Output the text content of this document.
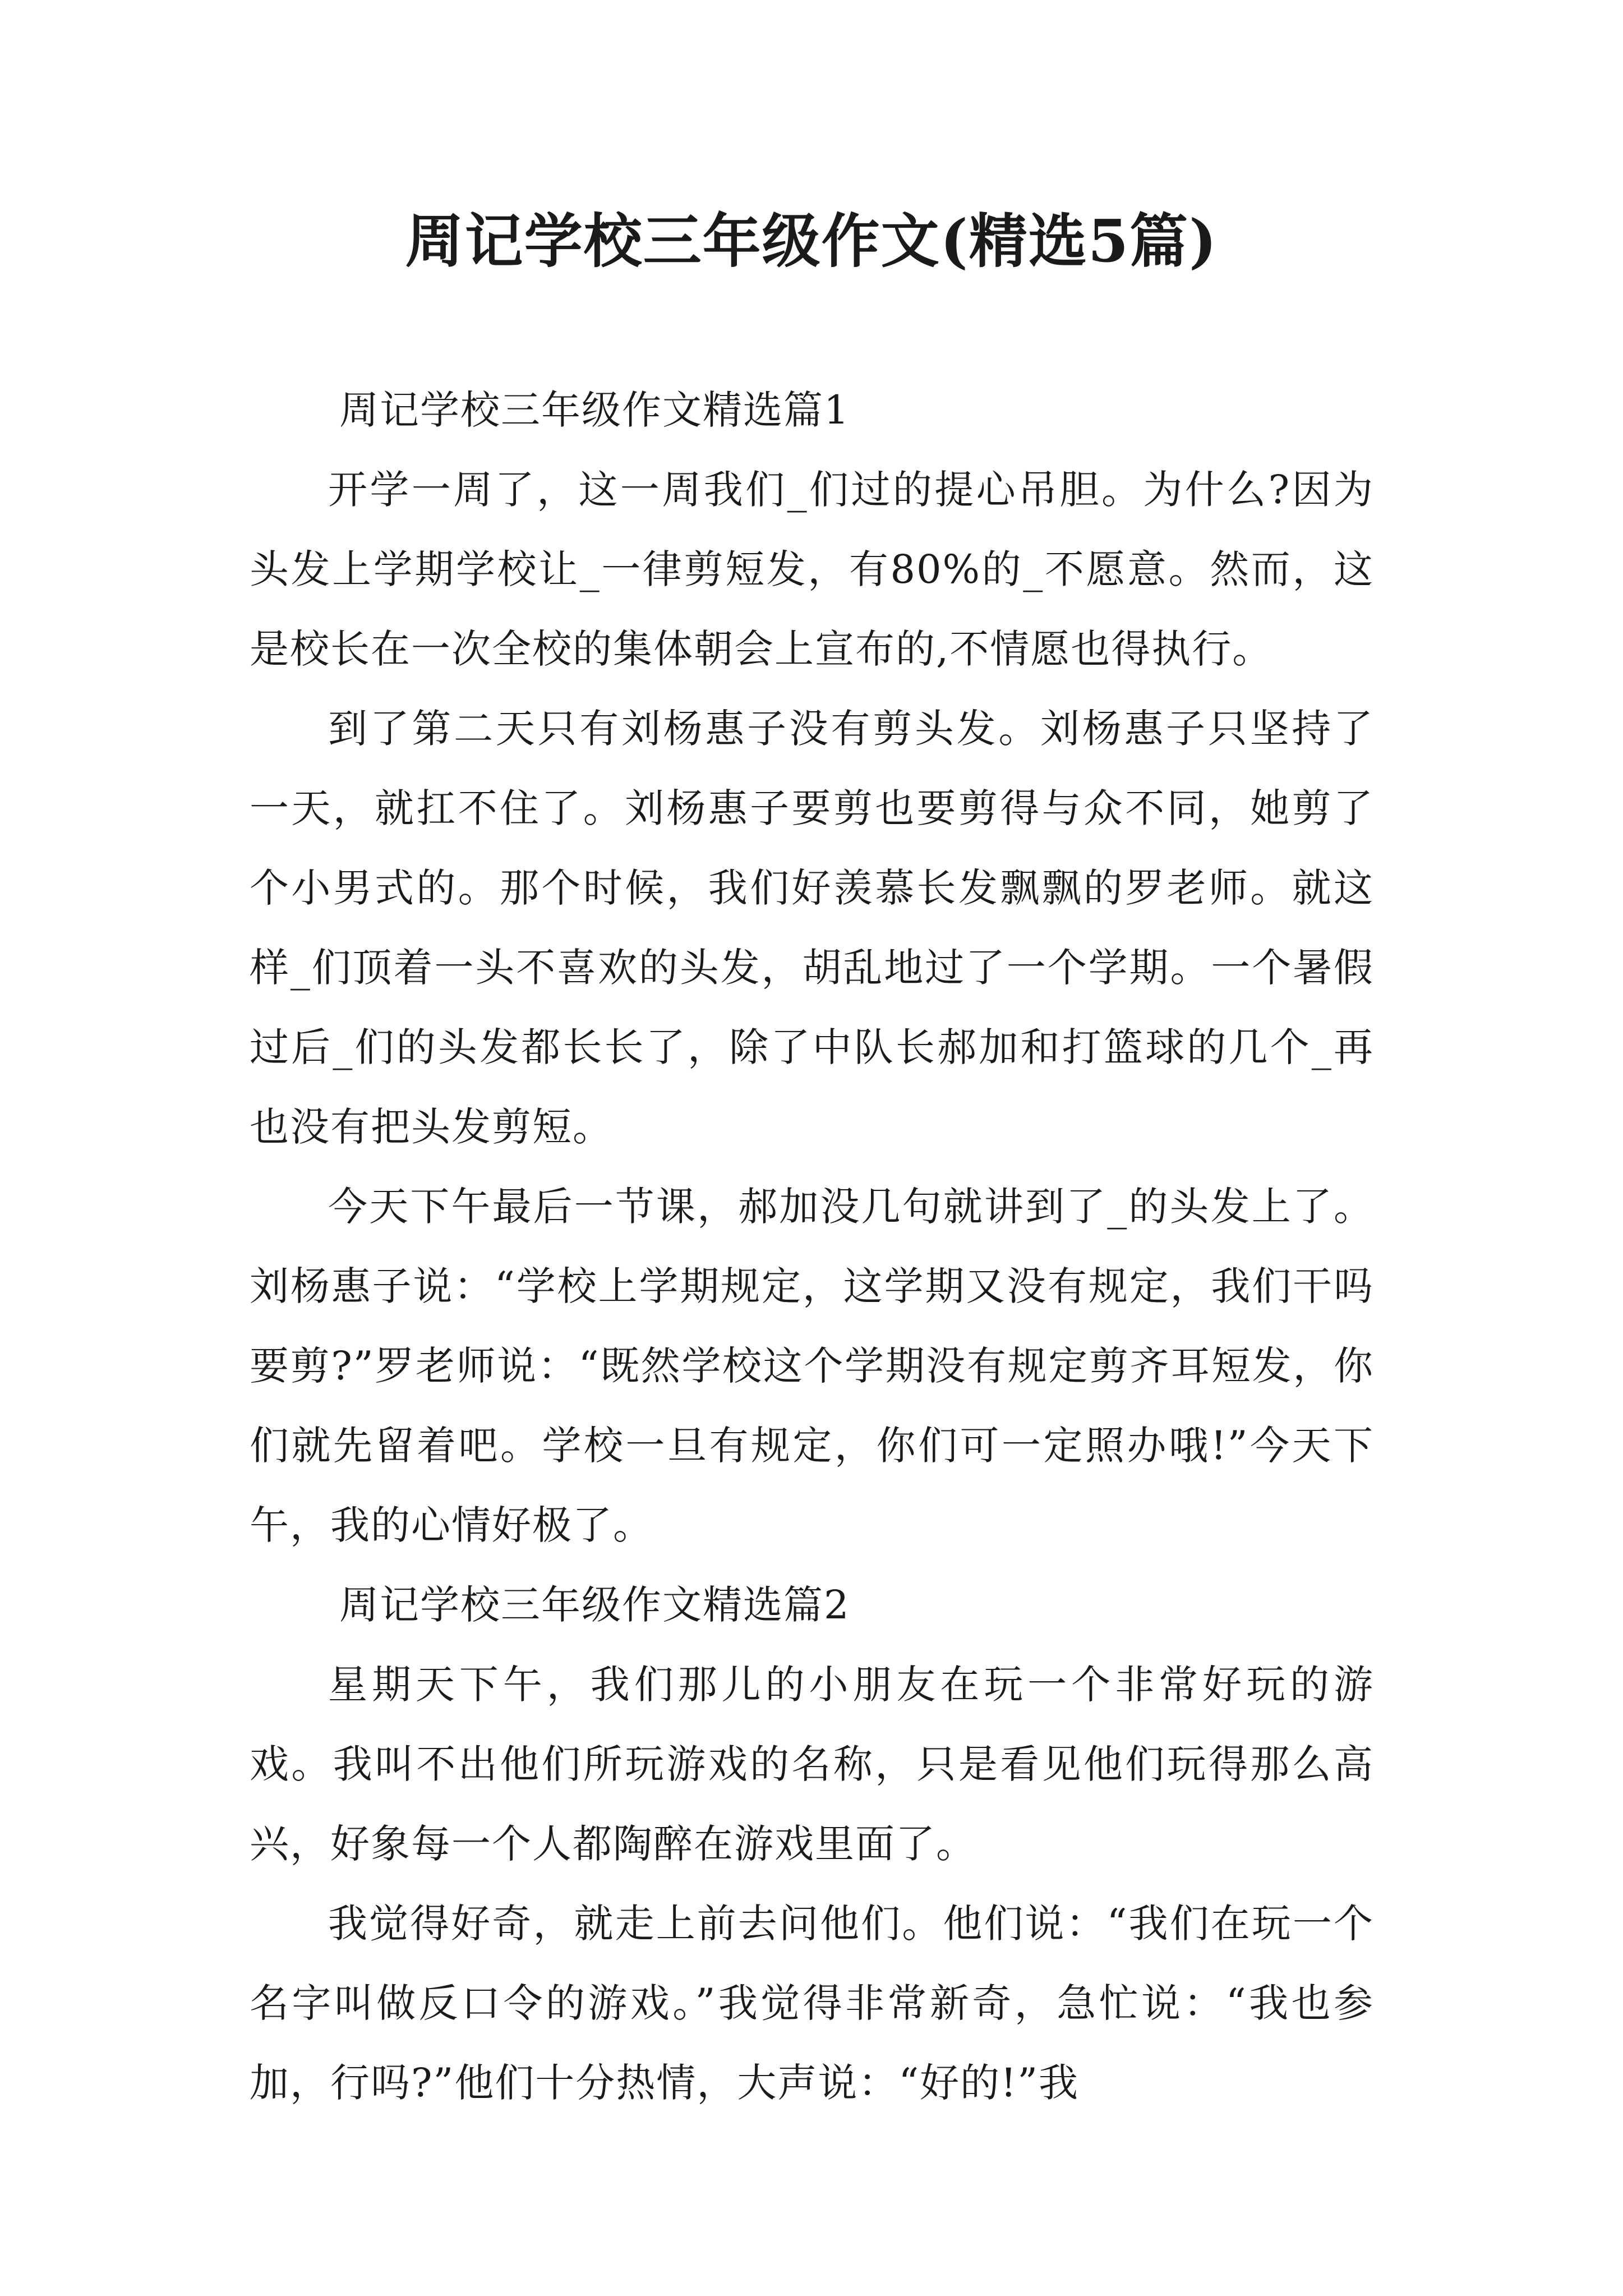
周记学校三年级作文(精选5篇)

周记学校三年级作文精选篇1

开学一周了，这一周我们_们过的提心吊胆。为什么?因为头发上学期学校让_一律剪短发，有80%的_不愿意。然而，这是校长在一次全校的集体朝会上宣布的,不情愿也得执行。

到了第二天只有刘杨惠子没有剪头发。刘杨惠子只坚持了一天，就扛不住了。刘杨惠子要剪也要剪得与众不同，她剪了个小男式的。那个时候，我们好羡慕长发飘飘的罗老师。就这样_们顶着一头不喜欢的头发，胡乱地过了一个学期。一个暑假过后_们的头发都长长了，除了中队长郝加和打篮球的几个_再也没有把头发剪短。

今天下午最后一节课，郝加没几句就讲到了_的头发上了。刘杨惠子说：“学校上学期规定，这学期又没有规定，我们干吗要剪?”罗老师说：“既然学校这个学期没有规定剪齐耳短发，你们就先留着吧。学校一旦有规定，你们可一定照办哦!”今天下午，我的心情好极了。

周记学校三年级作文精选篇2

星期天下午，我们那儿的小朋友在玩一个非常好玩的游戏。我叫不出他们所玩游戏的名称，只是看见他们玩得那么高兴，好象每一个人都陶醉在游戏里面了。

我觉得好奇，就走上前去问他们。他们说：“我们在玩一个名字叫做反口令的游戏。”我觉得非常新奇，急忙说：“我也参加，行吗?”他们十分热情，大声说：“好的!”我
